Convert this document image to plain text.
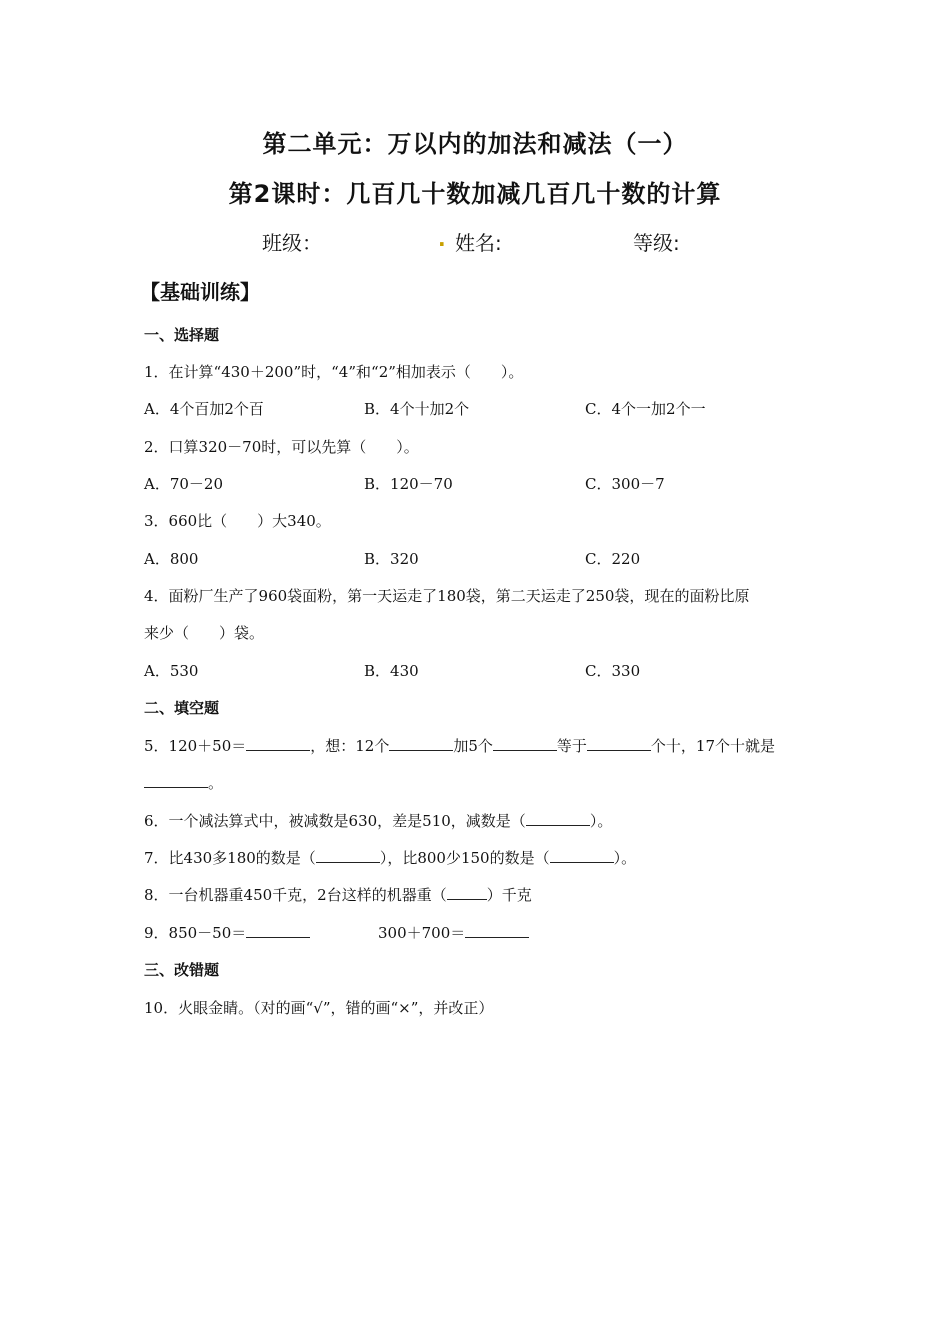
第二单元：万以内的加法和减法（一）
第2课时：几百几十数加减几百几十数的计算
班级：	. 姓名:	等级:
【基础训练】
一、选择题
1．在计算“430＋200”时，“4”和“2”相加表示（　　）。
A．4个百加2个百	B．4个十加2个	C．4个一加2个一
2．口算320－70时，可以先算（　　）。
A．70－20	B．120－70	C．300－7
3．660比（　　）大340。
A．800	B．320	C．220
4．面粉厂生产了960袋面粉，第一天运走了180袋，第二天运走了250袋，现在的面粉比原
来少（　　）袋。
A．530	B．430	C．330
二、填空题
5．120＋50＝	，想：12个	加5个	等于	个十，17个十就是
。
6．一个减法算式中，被减数是630，差是510，减数是（	）。
7．比430多180的数是（	），比800少150的数是（	）。
8．一台机器重450千克，2台这样的机器重（	）千克
9．850－50＝	300＋700＝
三、改错题
10．火眼金睛。（对的画“√”，错的画“×”，并改正）
